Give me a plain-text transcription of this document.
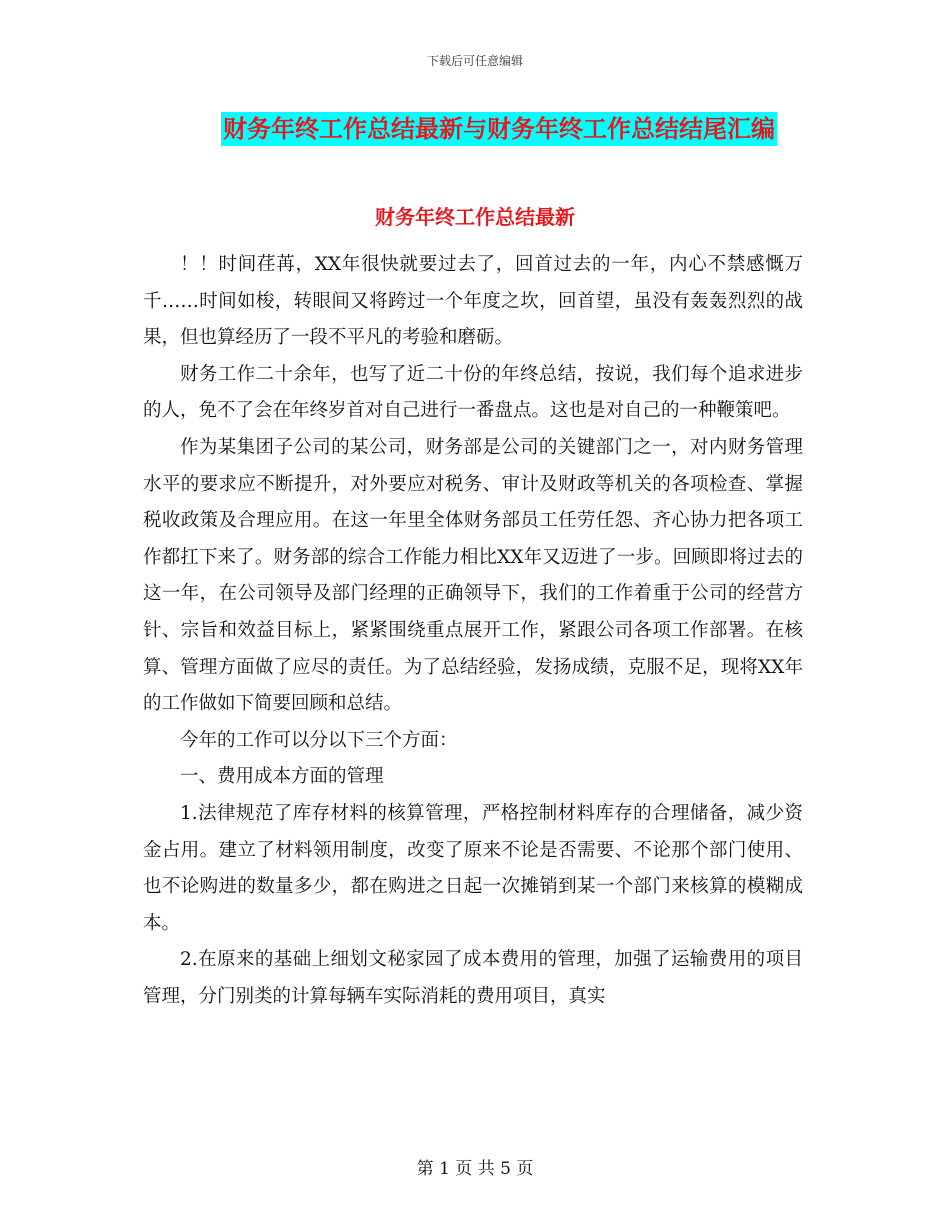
下载后可任意编辑
财务年终工作总结最新与财务年终工作总结结尾汇编
财务年终工作总结最新

！！时间荏苒，XX年很快就要过去了，回首过去的一年，内心不禁感慨万千……时间如梭，转眼间又将跨过一个年度之坎，回首望，虽没有轰轰烈烈的战果，但也算经历了一段不平凡的考验和磨砺。

财务工作二十余年，也写了近二十份的年终总结，按说，我们每个追求进步的人，免不了会在年终岁首对自己进行一番盘点。这也是对自己的一种鞭策吧。

作为某集团子公司的某公司，财务部是公司的关键部门之一，对内财务管理水平的要求应不断提升，对外要应对税务、审计及财政等机关的各项检查、掌握税收政策及合理应用。在这一年里全体财务部员工任劳任怨、齐心协力把各项工作都扛下来了。财务部的综合工作能力相比XX年又迈进了一步。回顾即将过去的这一年，在公司领导及部门经理的正确领导下，我们的工作着重于公司的经营方针、宗旨和效益目标上，紧紧围绕重点展开工作，紧跟公司各项工作部署。在核算、管理方面做了应尽的责任。为了总结经验，发扬成绩，克服不足，现将XX年的工作做如下简要回顾和总结。

今年的工作可以分以下三个方面：

一、费用成本方面的管理

1.法律规范了库存材料的核算管理，严格控制材料库存的合理储备，减少资金占用。建立了材料领用制度，改变了原来不论是否需要、不论那个部门使用、也不论购进的数量多少，都在购进之日起一次摊销到某一个部门来核算的模糊成本。

2.在原来的基础上细划文秘家园了成本费用的管理，加强了运输费用的项目管理，分门别类的计算每辆车实际消耗的费用项目，真实

第 1 页 共 5 页
